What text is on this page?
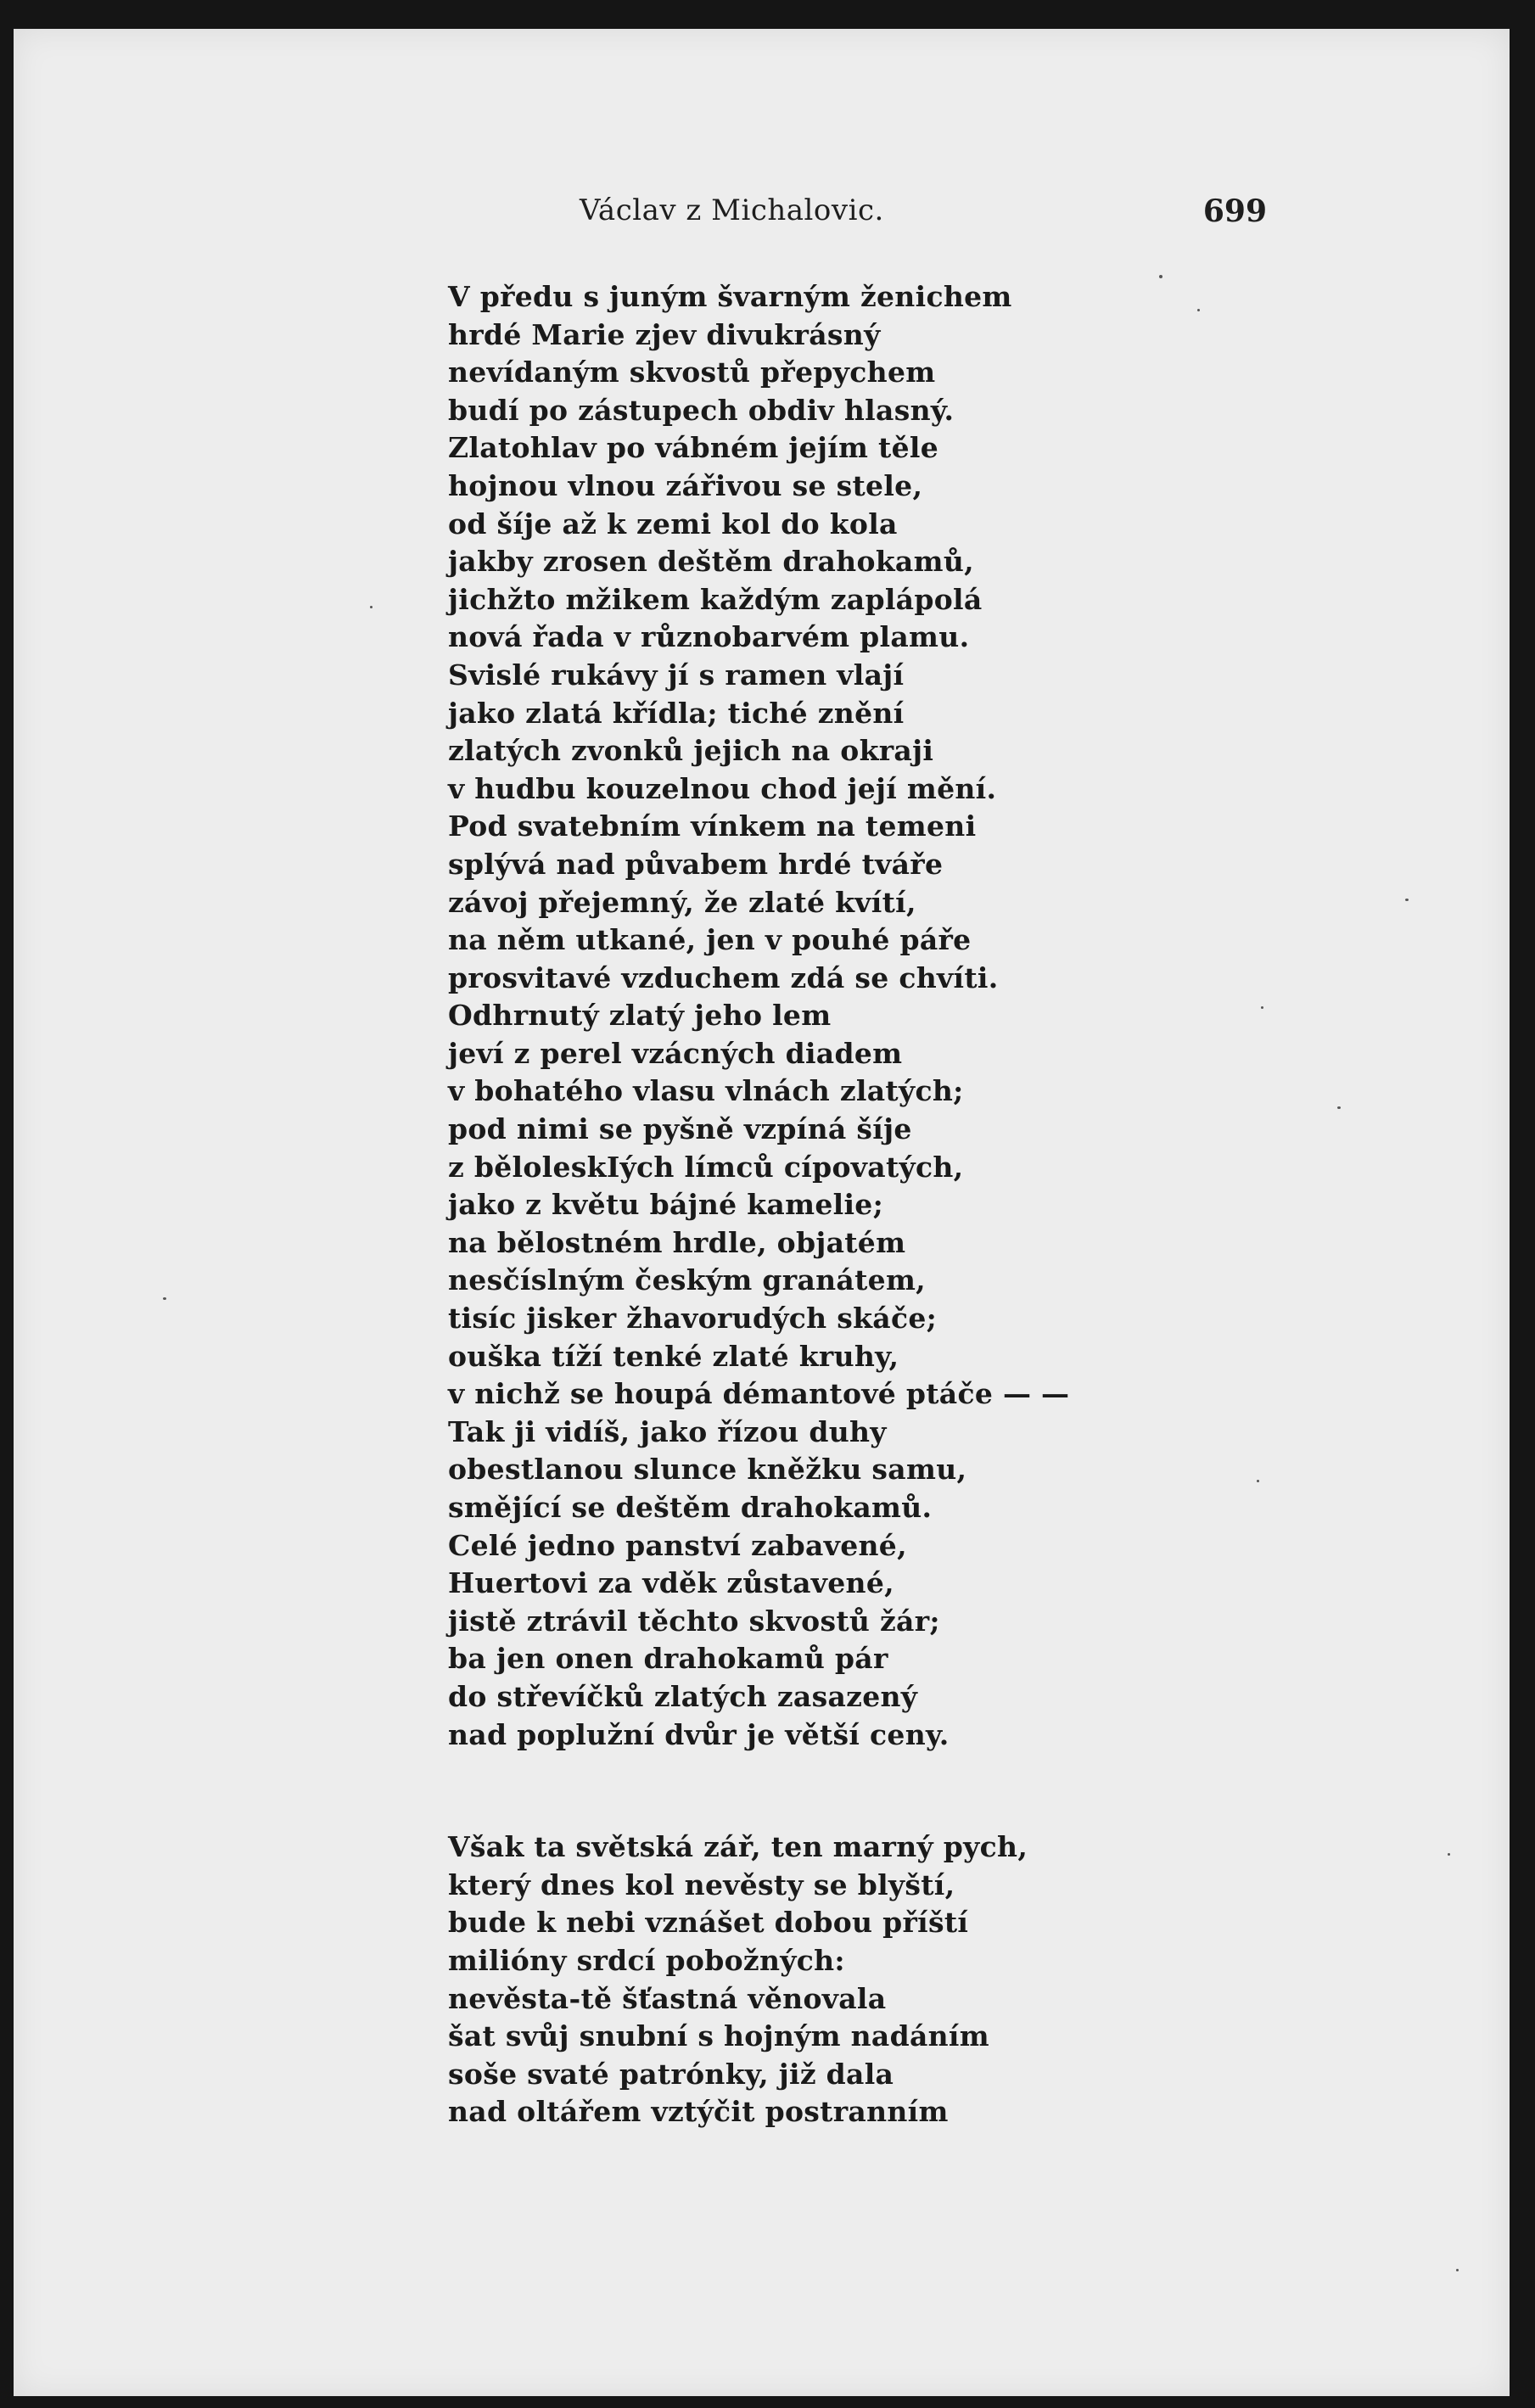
Václav z Michalovic.	699
V předu s juným švarným ženichem
hrdé Marie zjev divukrásný
nevídaným skvostů přepychem
budí po zástupech obdiv hlasný.
Zlatohlav po vábném jejím těle
hojnou vlnou zářivou se stele,
od šíje až k zemi kol do kola
jakby zrosen deštěm drahokamů,
jichžto mžikem každým zaplápolá
nová řada v různobarvém plamu.
Svislé rukávy jí s ramen vlají
jako zlatá křídla; tiché znění
zlatých zvonků jejich na okraji
v hudbu kouzelnou chod její mění.
Pod svatebním vínkem na temeni
splývá nad půvabem hrdé tváře
závoj přejemný, že zlaté kvítí,
na něm utkané, jen v pouhé páře
prosvitavé vzduchem zdá se chvíti.
Odhrnutý zlatý jeho lem
jeví z perel vzácných diadem
v bohatého vlasu vlnách zlatých;
pod nimi se pyšně vzpíná šíje
z běloleskIých límců cípovatých,
jako z květu bájné kamelie;
na bělostném hrdle, objatém
nesčíslným českým granátem,
tisíc jisker žhavorudých skáče;
ouška tíží tenké zlaté kruhy,
v nichž se houpá démantové ptáče — —
Tak ji vidíš, jako řízou duhy
obestlanou slunce kněžku samu,
smějící se deštěm drahokamů.
Celé jedno panství zabavené,
Huertovi za vděk zůstavené,
jistě ztrávil těchto skvostů žár;
ba jen onen drahokamů pár
do střevíčků zlatých zasazený
nad poplužní dvůr je větší ceny.
Však ta světská zář, ten marný pych,
který dnes kol nevěsty se blyští,
bude k nebi vznášet dobou příští
milióny srdcí pobožných:
nevěsta-tě šťastná věnovala
šat svůj snubní s hojným nadáním
soše svaté patrónky, již dala
nad oltářem vztýčit postranním
